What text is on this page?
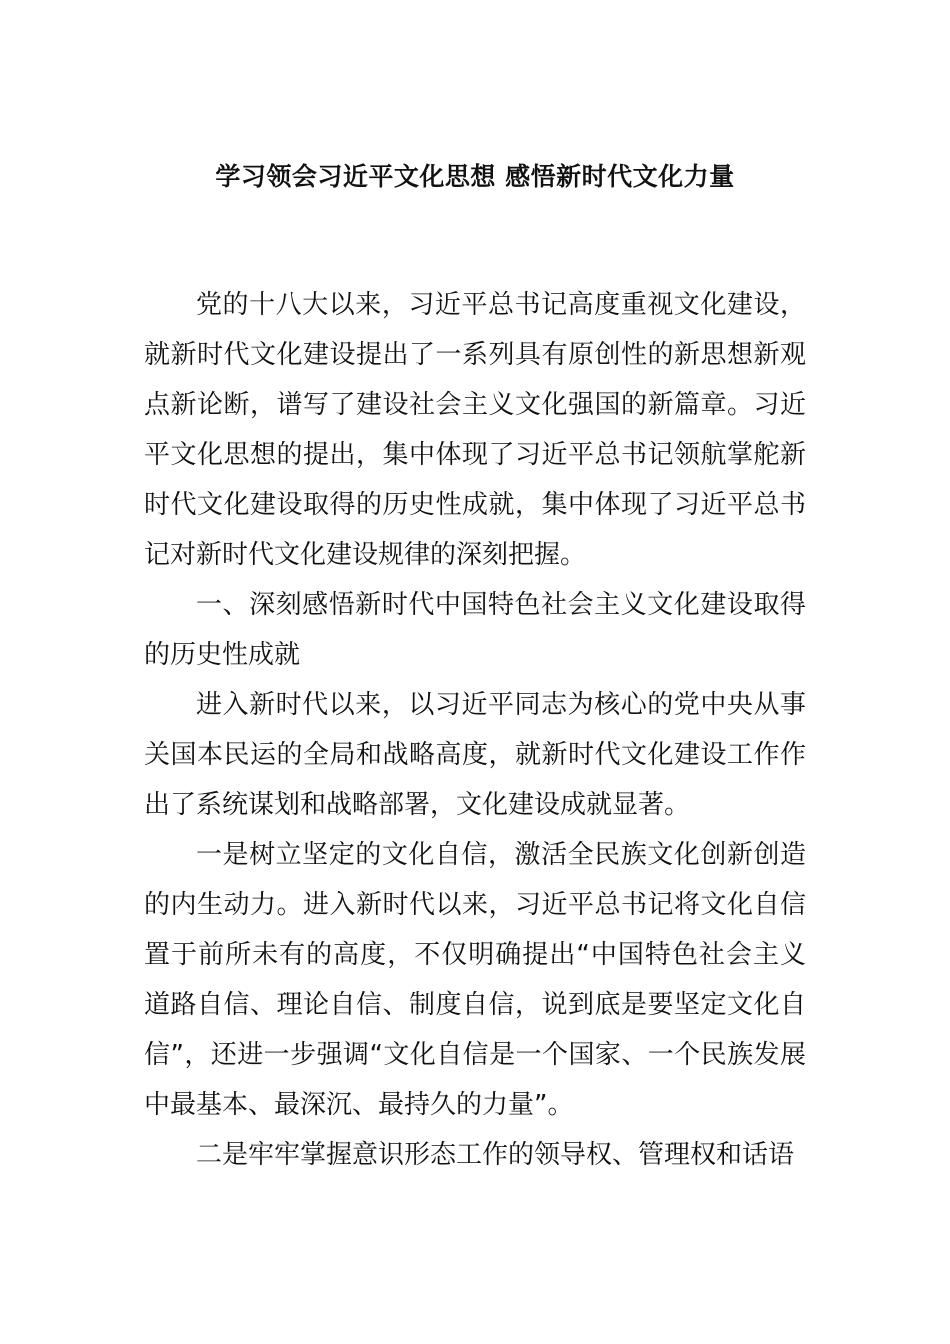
学习领会习近平文化思想 感悟新时代文化力量

党的十八大以来，习近平总书记高度重视文化建设，就新时代文化建设提出了一系列具有原创性的新思想新观点新论断，谱写了建设社会主义文化强国的新篇章。习近平文化思想的提出，集中体现了习近平总书记领航掌舵新时代文化建设取得的历史性成就，集中体现了习近平总书记对新时代文化建设规律的深刻把握。

一、深刻感悟新时代中国特色社会主义文化建设取得的历史性成就

进入新时代以来，以习近平同志为核心的党中央从事关国本民运的全局和战略高度，就新时代文化建设工作作出了系统谋划和战略部署，文化建设成就显著。

一是树立坚定的文化自信，激活全民族文化创新创造的内生动力。进入新时代以来，习近平总书记将文化自信置于前所未有的高度，不仅明确提出“中国特色社会主义道路自信、理论自信、制度自信，说到底是要坚定文化自信”，还进一步强调“文化自信是一个国家、一个民族发展中最基本、最深沉、最持久的力量”。

二是牢牢掌握意识形态工作的领导权、管理权和话语
